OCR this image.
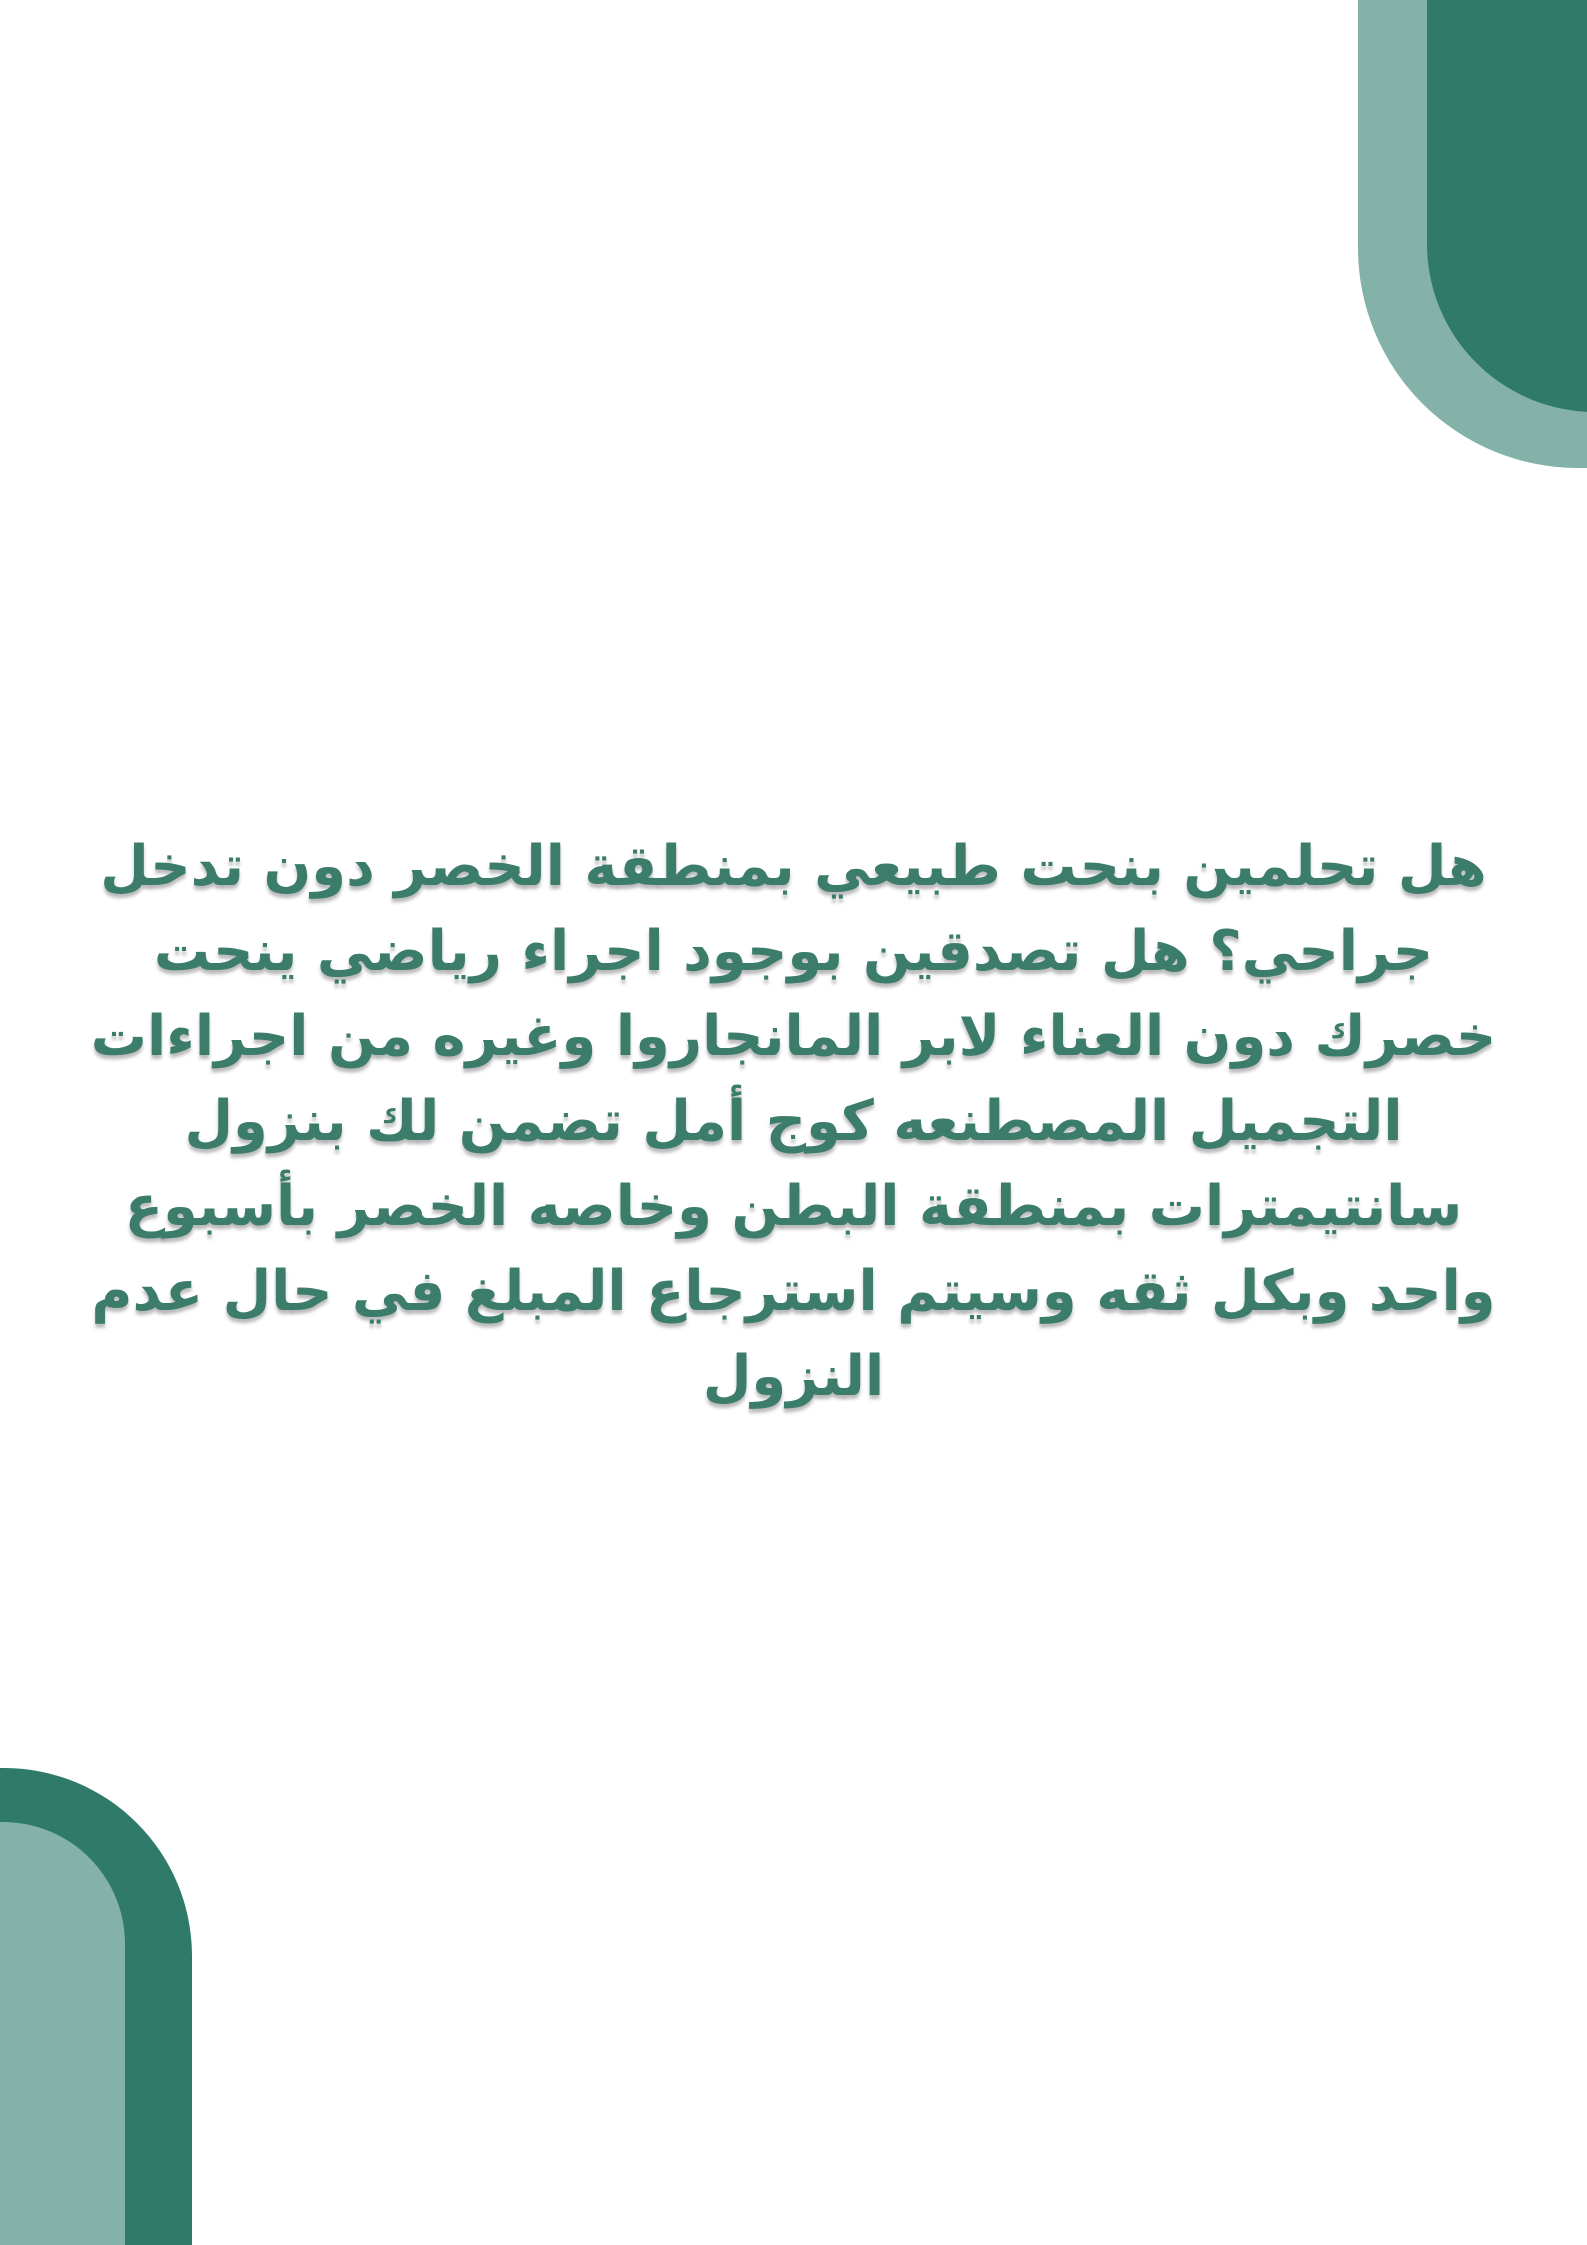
هل تحلمين بنحت طبيعي بمنطقة الخصر دون تدخل
جراحي؟ هل تصدقين بوجود اجراء رياضي ينحت
خصرك دون العناء لابر المانجاروا وغيره من اجراءات
التجميل المصطنعه كوج أمل تضمن لك بنزول
سانتيمترات بمنطقة البطن وخاصه الخصر بأسبوع
واحد وبكل ثقه وسيتم استرجاع المبلغ في حال عدم
النزول
